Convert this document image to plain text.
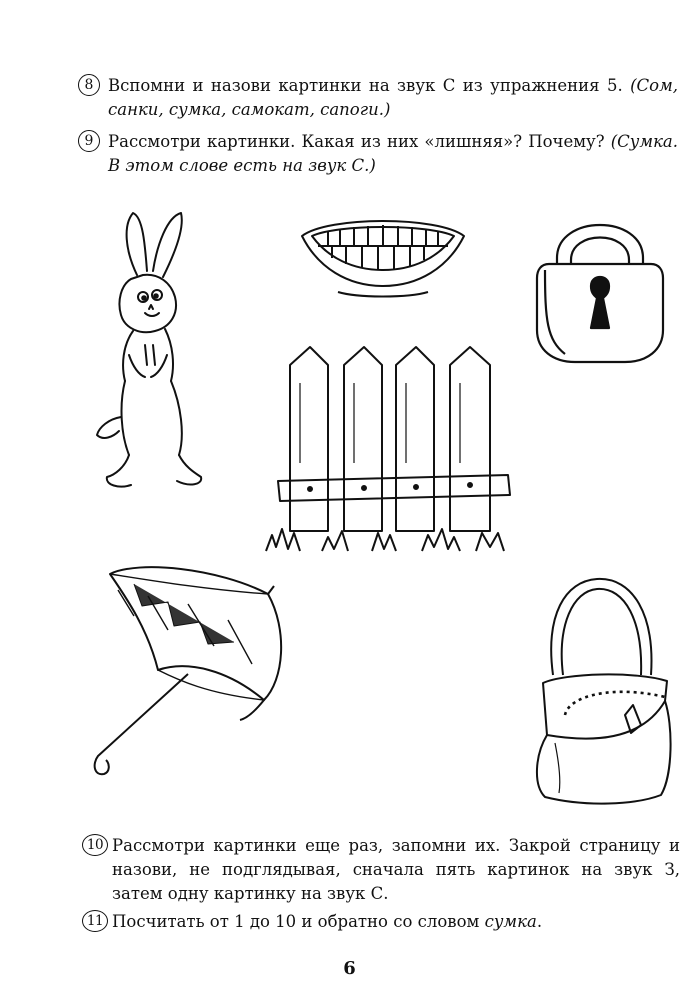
8 Вспомни и назови картинки на звук С из упражнения 5. (Сом, санки, сумка, самокат, сапоги.)
9 Рассмотри картинки. Какая из них «лишняя»? Почему? (Сумка. В этом слове есть на звук С.)
10 Рассмотри картинки еще раз, запомни их. Закрой страницу и назови, не подглядывая, сначала пять картинок на звук З, затем одну картинку на звук С.
11 Посчитать от 1 до 10 и обратно со словом сумка.
6
